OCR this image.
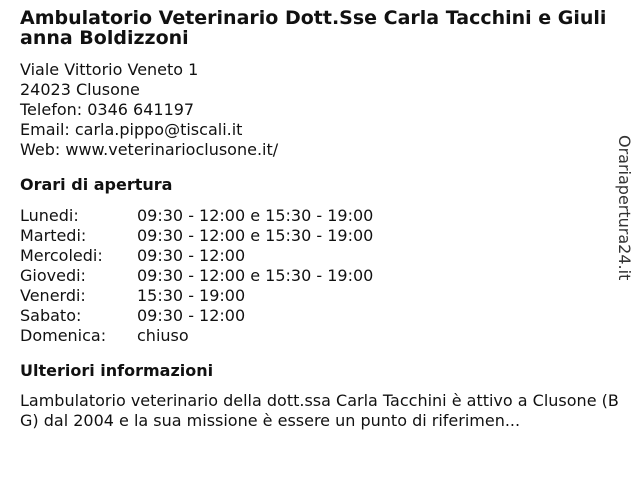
Ambulatorio Veterinario Dott.Sse Carla Tacchini e Giulianna Boldizzoni
Viale Vittorio Veneto 1
24023 Clusone
Telefon: 0346 641197
Email: carla.pippo@tiscali.it
Web: www.veterinarioclusone.it/
Orari di apertura
Lunedi:	09:30 - 12:00 e 15:30 - 19:00
Martedi:	09:30 - 12:00 e 15:30 - 19:00
Mercoledi:	09:30 - 12:00
Giovedi:	09:30 - 12:00 e 15:30 - 19:00
Venerdi:	15:30 - 19:00
Sabato:	09:30 - 12:00
Domenica:	chiuso
Ulteriori informazioni
Lambulatorio veterinario della dott.ssa Carla Tacchini è attivo a Clusone (BG) dal 2004 e la sua missione è essere un punto di riferimen...
Orariapertura24.it
